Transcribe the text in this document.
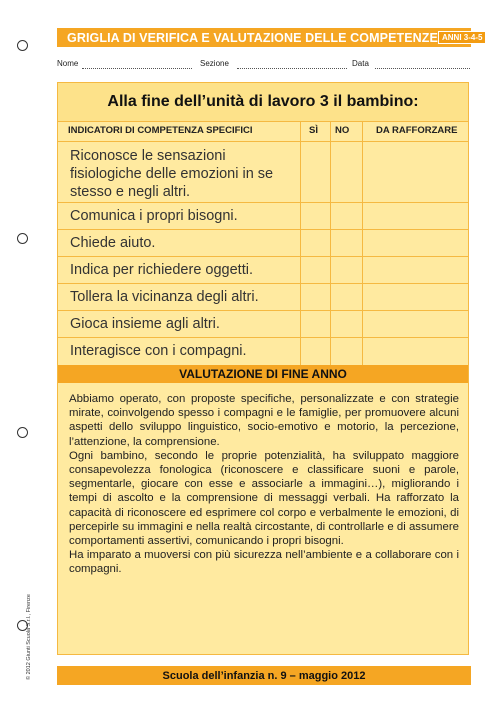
GRIGLIA DI VERIFICA E VALUTAZIONE DELLE COMPETENZE ANNI 3-4-5
Nome	Sezione	Data
Alla fine dell’unità di lavoro 3 il bambino:
INDICATORI DI COMPETENZA SPECIFICI	SÌ NO	DA RAFFORZARE
Riconosce le sensazioni fisiologiche delle emozioni in se stesso e negli altri.
Comunica i propri bisogni.
Chiede aiuto.
Indica per richiedere oggetti.
Tollera la vicinanza degli altri.
Gioca insieme agli altri.
Interagisce con i compagni.
VALUTAZIONE DI FINE ANNO

Abbiamo operato, con proposte specifiche, personalizzate e con strategie mirate, coinvolgendo spesso i compagni e le famiglie, per promuovere alcuni aspetti dello sviluppo linguistico, socio-emotivo e motorio, la percezione, l’attenzione, la comprensione.

Ogni bambino, secondo le proprie potenzialità, ha sviluppato maggiore consapevolezza fonologica (riconoscere e classificare suoni e parole, segmentarle, giocare con esse e associarle a immagini…), migliorando i tempi di ascolto e la comprensione di messaggi verbali. Ha rafforzato la capacità di riconoscere ed esprimere col corpo e verbalmente le emozioni, di percepirle su immagini e nella realtà circostante, di controllarle e di assumere comportamenti assertivi, comunicando i propri bisogni.

Ha imparato a muoversi con più sicurezza nell’ambiente e a collaborare con i compagni.

Scuola dell’infanzia n. 9 – maggio 2012
© 2012 Giunti Scuola S.r.l., Firenze
